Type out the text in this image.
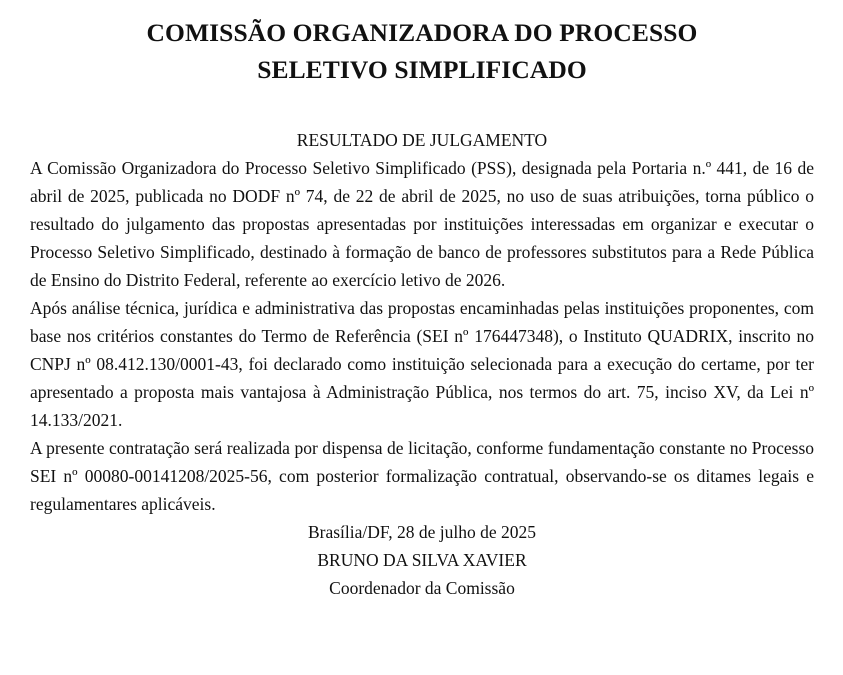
COMISSÃO ORGANIZADORA DO PROCESSO
SELETIVO SIMPLIFICADO

RESULTADO DE JULGAMENTO

A Comissão Organizadora do Processo Seletivo Simplificado (PSS), designada pela Portaria n.º 441, de 16 de abril de 2025, publicada no DODF nº 74, de 22 de abril de 2025, no uso de suas atribuições, torna público o resultado do julgamento das propostas apresentadas por instituições interessadas em organizar e executar o Processo Seletivo Simplificado, destinado à formação de banco de professores substitutos para a Rede Pública de Ensino do Distrito Federal, referente ao exercício letivo de 2026.

Após análise técnica, jurídica e administrativa das propostas encaminhadas pelas instituições proponentes, com base nos critérios constantes do Termo de Referência (SEI nº 176447348), o Instituto QUADRIX, inscrito no CNPJ nº 08.412.130/0001-43, foi declarado como instituição selecionada para a execução do certame, por ter apresentado a proposta mais vantajosa à Administração Pública, nos termos do art. 75, inciso XV, da Lei nº 14.133/2021.

A presente contratação será realizada por dispensa de licitação, conforme fundamentação constante no Processo SEI nº 00080-00141208/2025-56, com posterior formalização contratual, observando-se os ditames legais e regulamentares aplicáveis.

Brasília/DF, 28 de julho de 2025

BRUNO DA SILVA XAVIER

Coordenador da Comissão
